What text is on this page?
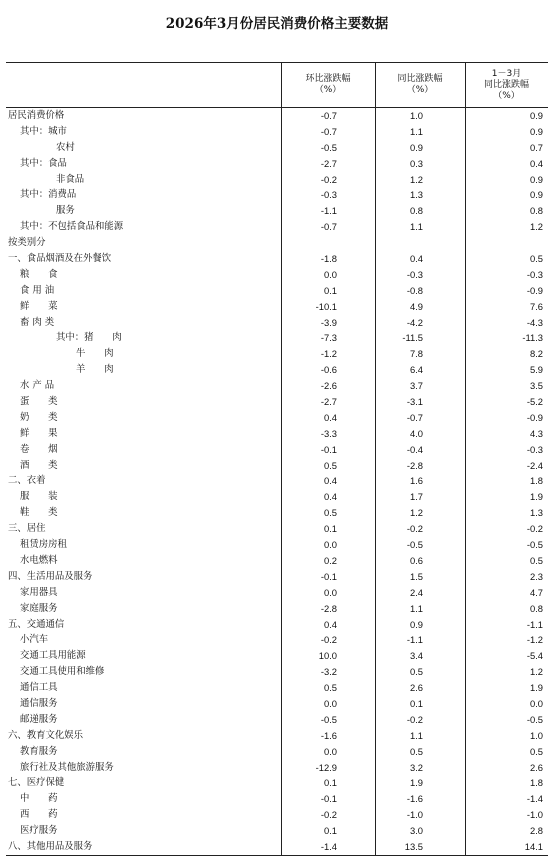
2026年3月份居民消费价格主要数据
环比涨跌幅
（%）
同比涨跌幅
（%）
1－3月
同比涨跌幅
（%）
居民消费价格	-0.7	1.0	0.9
其中：城市	-0.7	1.1	0.9
农村	-0.5	0.9	0.7
其中：食品	-2.7	0.3	0.4
非食品	-0.2	1.2	0.9
其中：消费品	-0.3	1.3	0.9
服务	-1.1	0.8	0.8
其中：不包括食品和能源	-0.7	1.1	1.2
按类别分
一、食品烟酒及在外餐饮	-1.8	0.4	0.5
粮　　食	0.0	-0.3	-0.3
食 用 油	0.1	-0.8	-0.9
鲜　　菜	-10.1	4.9	7.6
畜 肉 类	-3.9	-4.2	-4.3
其中：猪　　肉	-7.3	-11.5	-11.3
牛　　肉	-1.2	7.8	8.2
羊　　肉	-0.6	6.4	5.9
水 产 品	-2.6	3.7	3.5
蛋　　类	-2.7	-3.1	-5.2
奶　　类	0.4	-0.7	-0.9
鲜　　果	-3.3	4.0	4.3
卷　　烟	-0.1	-0.4	-0.3
酒　　类	0.5	-2.8	-2.4
二、衣着	0.4	1.6	1.8
服　　装	0.4	1.7	1.9
鞋　　类	0.5	1.2	1.3
三、居住	0.1	-0.2	-0.2
租赁房房租	0.0	-0.5	-0.5
水电燃料	0.2	0.6	0.5
四、生活用品及服务	-0.1	1.5	2.3
家用器具	0.0	2.4	4.7
家庭服务	-2.8	1.1	0.8
五、交通通信	0.4	0.9	-1.1
小汽车	-0.2	-1.1	-1.2
交通工具用能源	10.0	3.4	-5.4
交通工具使用和维修	-3.2	0.5	1.2
通信工具	0.5	2.6	1.9
通信服务	0.0	0.1	0.0
邮递服务	-0.5	-0.2	-0.5
六、教育文化娱乐	-1.6	1.1	1.0
教育服务	0.0	0.5	0.5
旅行社及其他旅游服务	-12.9	3.2	2.6
七、医疗保健	0.1	1.9	1.8
中　　药	-0.1	-1.6	-1.4
西　　药	-0.2	-1.0	-1.0
医疗服务	0.1	3.0	2.8
八、其他用品及服务	-1.4	13.5	14.1
